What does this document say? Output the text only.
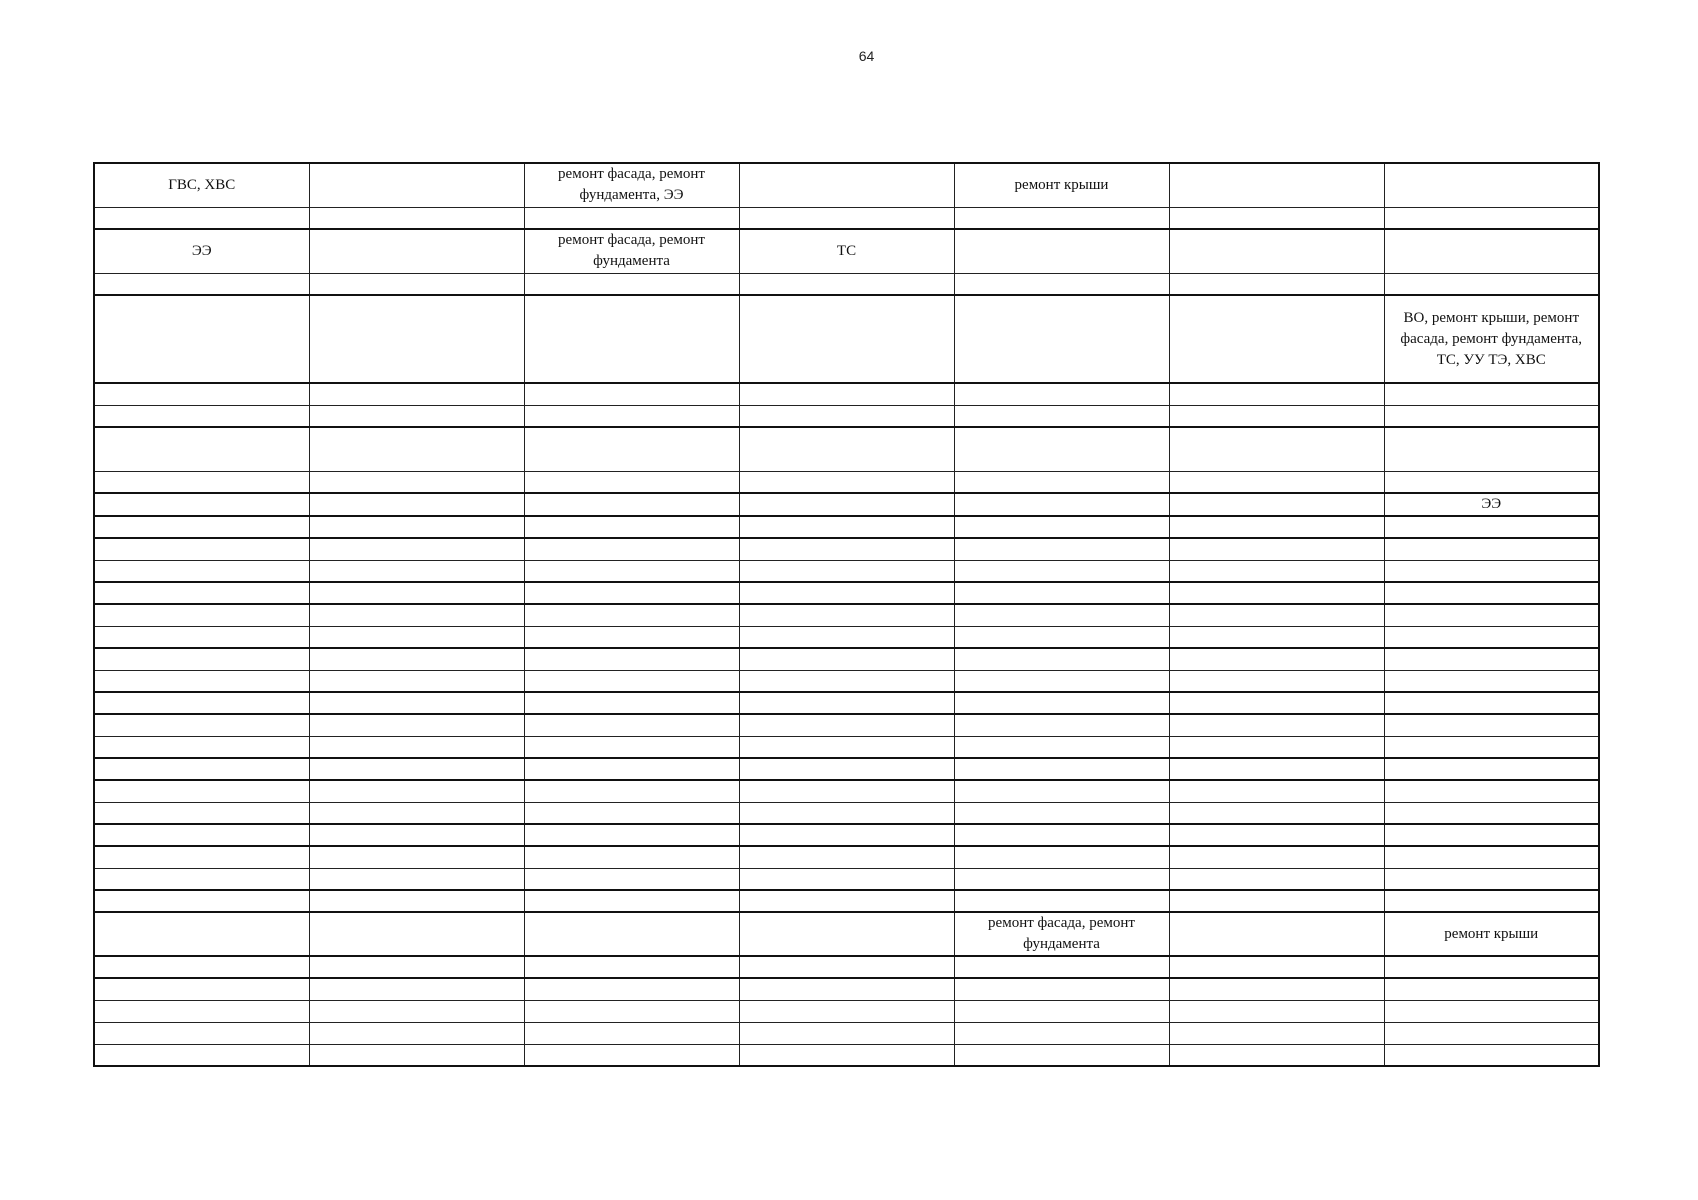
64
ГВС, ХВС		ремонт фасада, ремонт фундамента, ЭЭ		ремонт крыши		

ЭЭ		ремонт фасада, ремонт фундамента	ТС			

						ВО, ремонт крыши, ремонт фасада, ремонт фундамента, ТС, УУ ТЭ, ХВС

						ЭЭ

				ремонт фасада, ремонт фундамента		ремонт крыши
